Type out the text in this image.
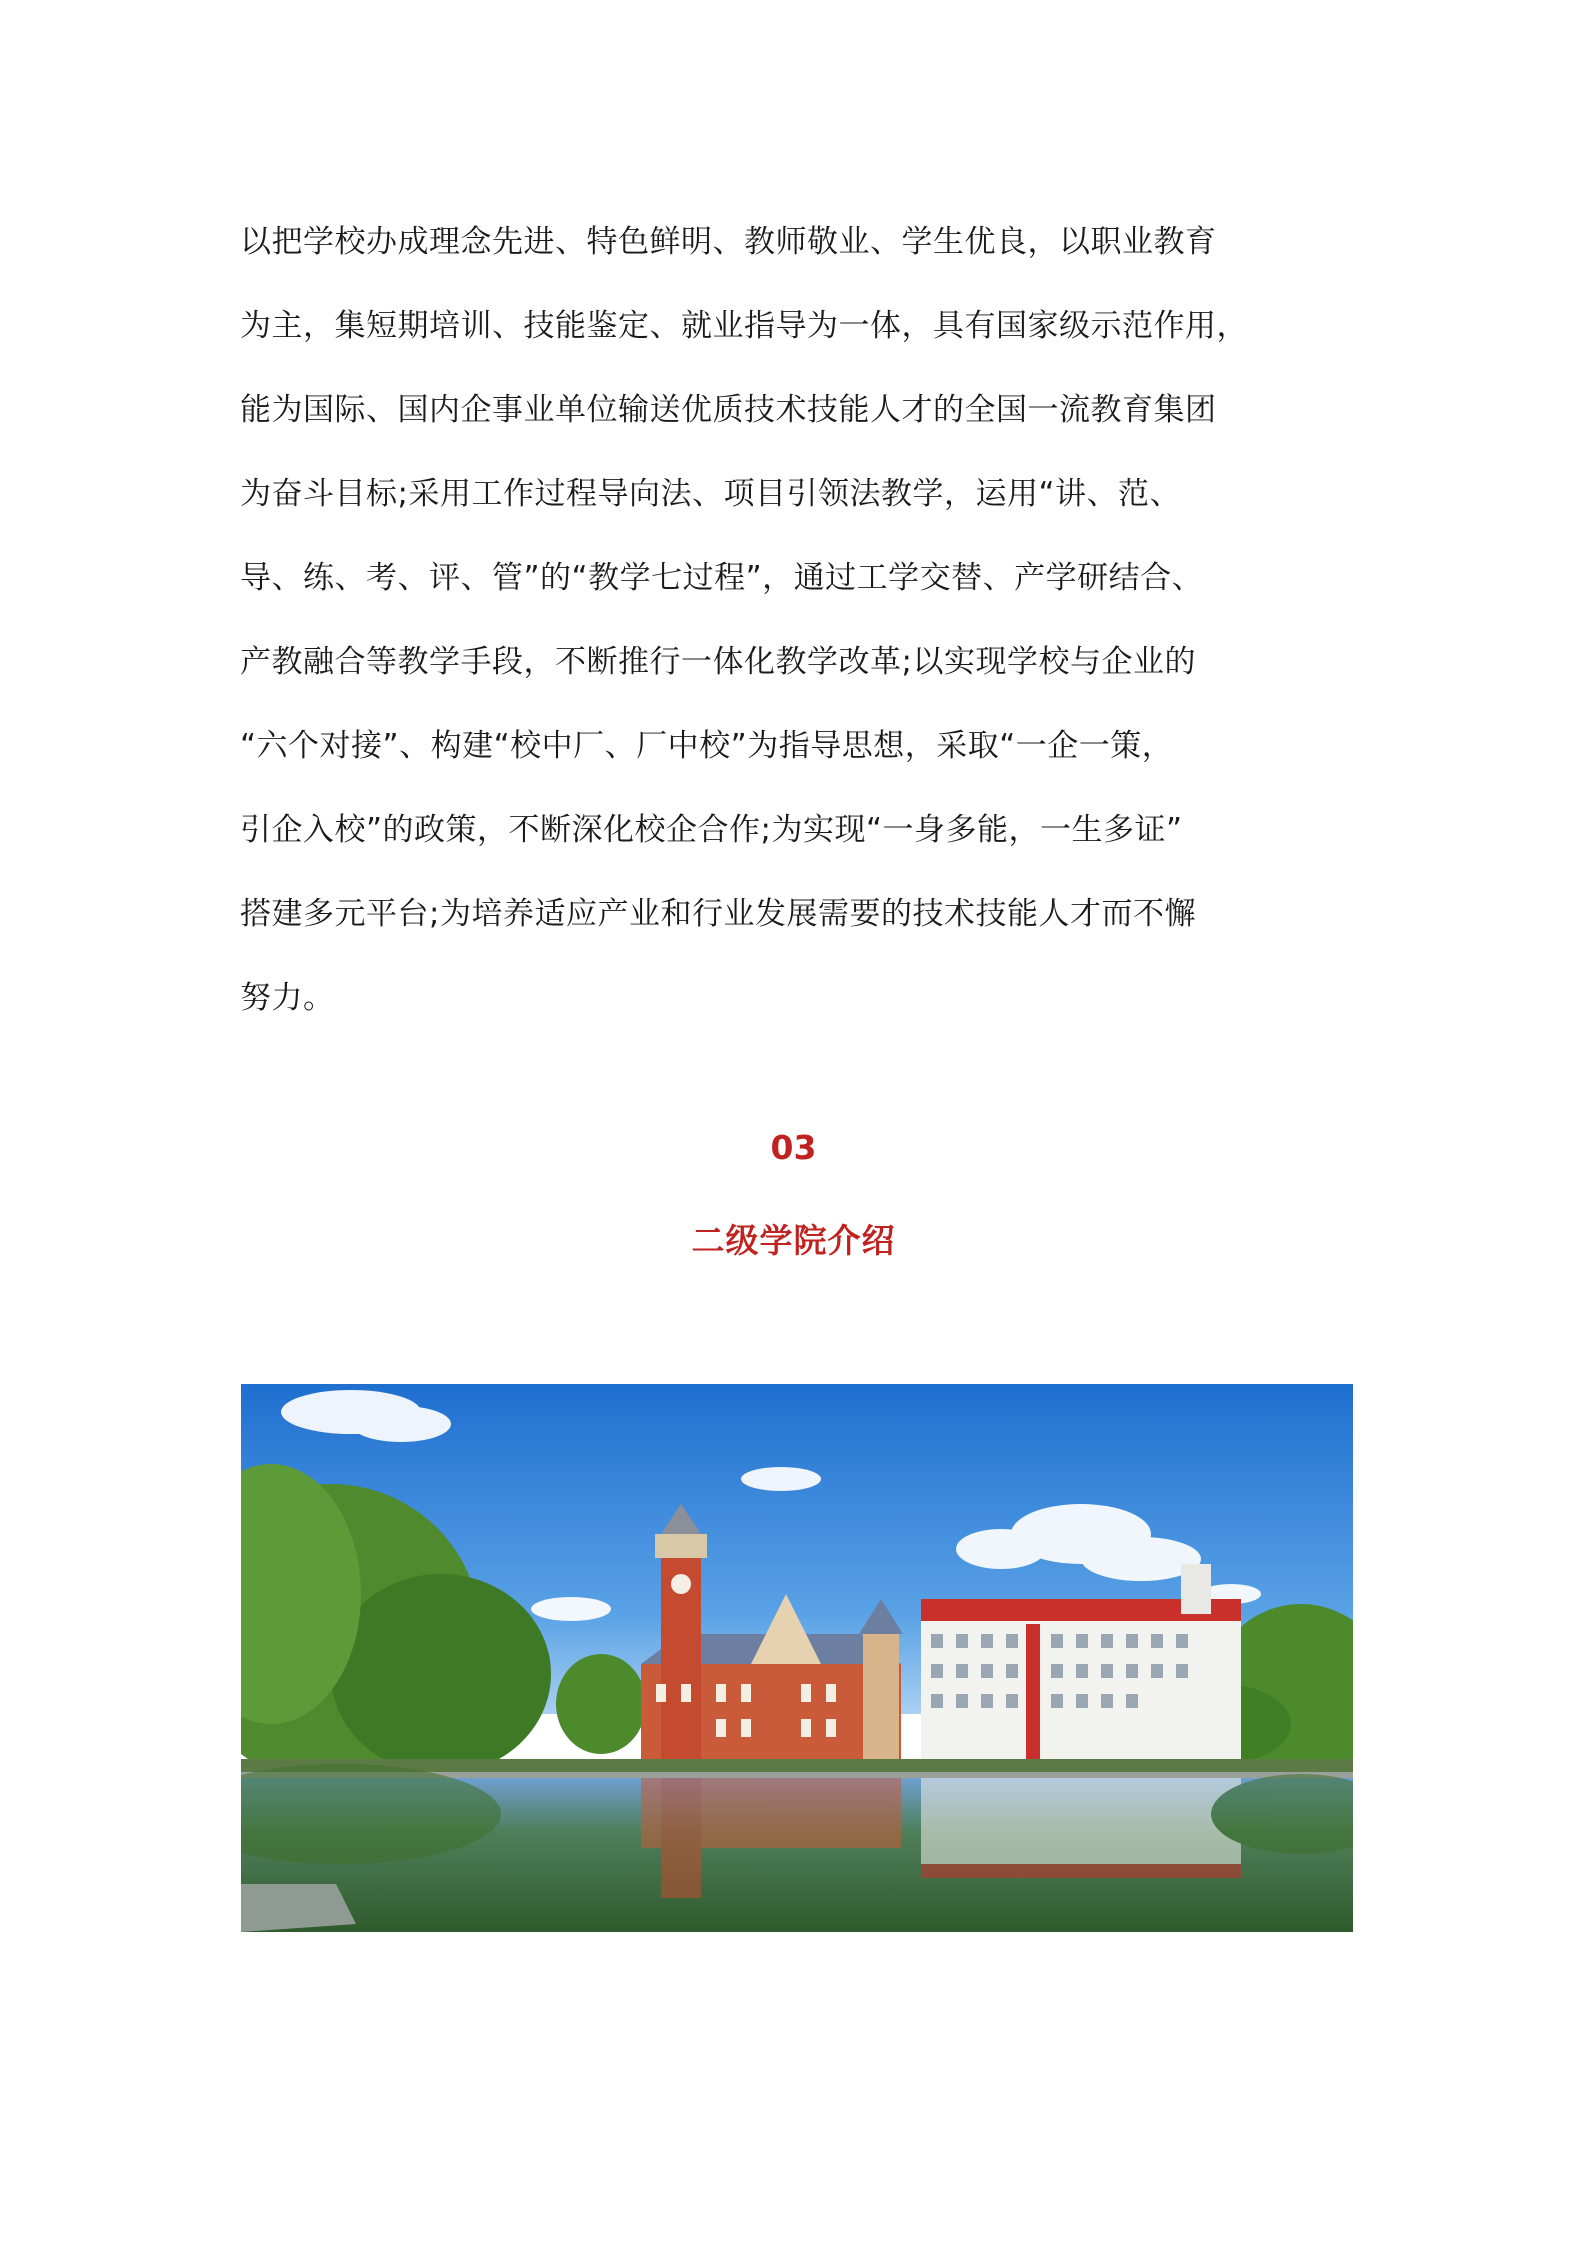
以把学校办成理念先进、特色鲜明、教师敬业、学生优良，以职业教育
为主，集短期培训、技能鉴定、就业指导为一体，具有国家级示范作用，
能为国际、国内企事业单位输送优质技术技能人才的全国一流教育集团
为奋斗目标;采用工作过程导向法、项目引领法教学，运用“讲、范、
导、练、考、评、管”的“教学七过程”，通过工学交替、产学研结合、
产教融合等教学手段，不断推行一体化教学改革;以实现学校与企业的
“六个对接”、构建“校中厂、厂中校”为指导思想，采取“一企一策，
引企入校”的政策，不断深化校企合作;为实现“一身多能，一生多证”
搭建多元平台;为培养适应产业和行业发展需要的技术技能人才而不懈
努力。
03
二级学院介绍
